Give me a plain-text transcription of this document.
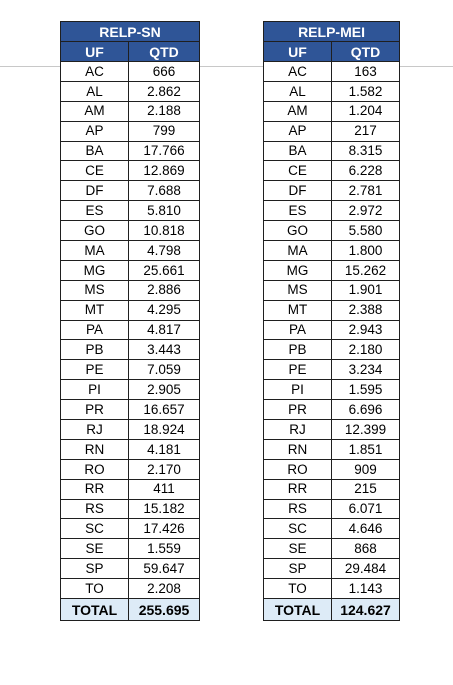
RELP-SN	
UF	QTD
AC	666
AL	2.862
AM	2.188
AP	799
BA	17.766
CE	12.869
DF	7.688
ES	5.810
GO	10.818
MA	4.798
MG	25.661
MS	2.886
MT	4.295
PA	4.817
PB	3.443
PE	7.059
PI	2.905
PR	16.657
RJ	18.924
RN	4.181
RO	2.170
RR	411
RS	15.182
SC	17.426
SE	1.559
SP	59.647
TO	2.208
TOTAL	255.695
RELP-MEI	
UF	QTD
AC	163
AL	1.582
AM	1.204
AP	217
BA	8.315
CE	6.228
DF	2.781
ES	2.972
GO	5.580
MA	1.800
MG	15.262
MS	1.901
MT	2.388
PA	2.943
PB	2.180
PE	3.234
PI	1.595
PR	6.696
RJ	12.399
RN	1.851
RO	909
RR	215
RS	6.071
SC	4.646
SE	868
SP	29.484
TO	1.143
TOTAL	124.627
